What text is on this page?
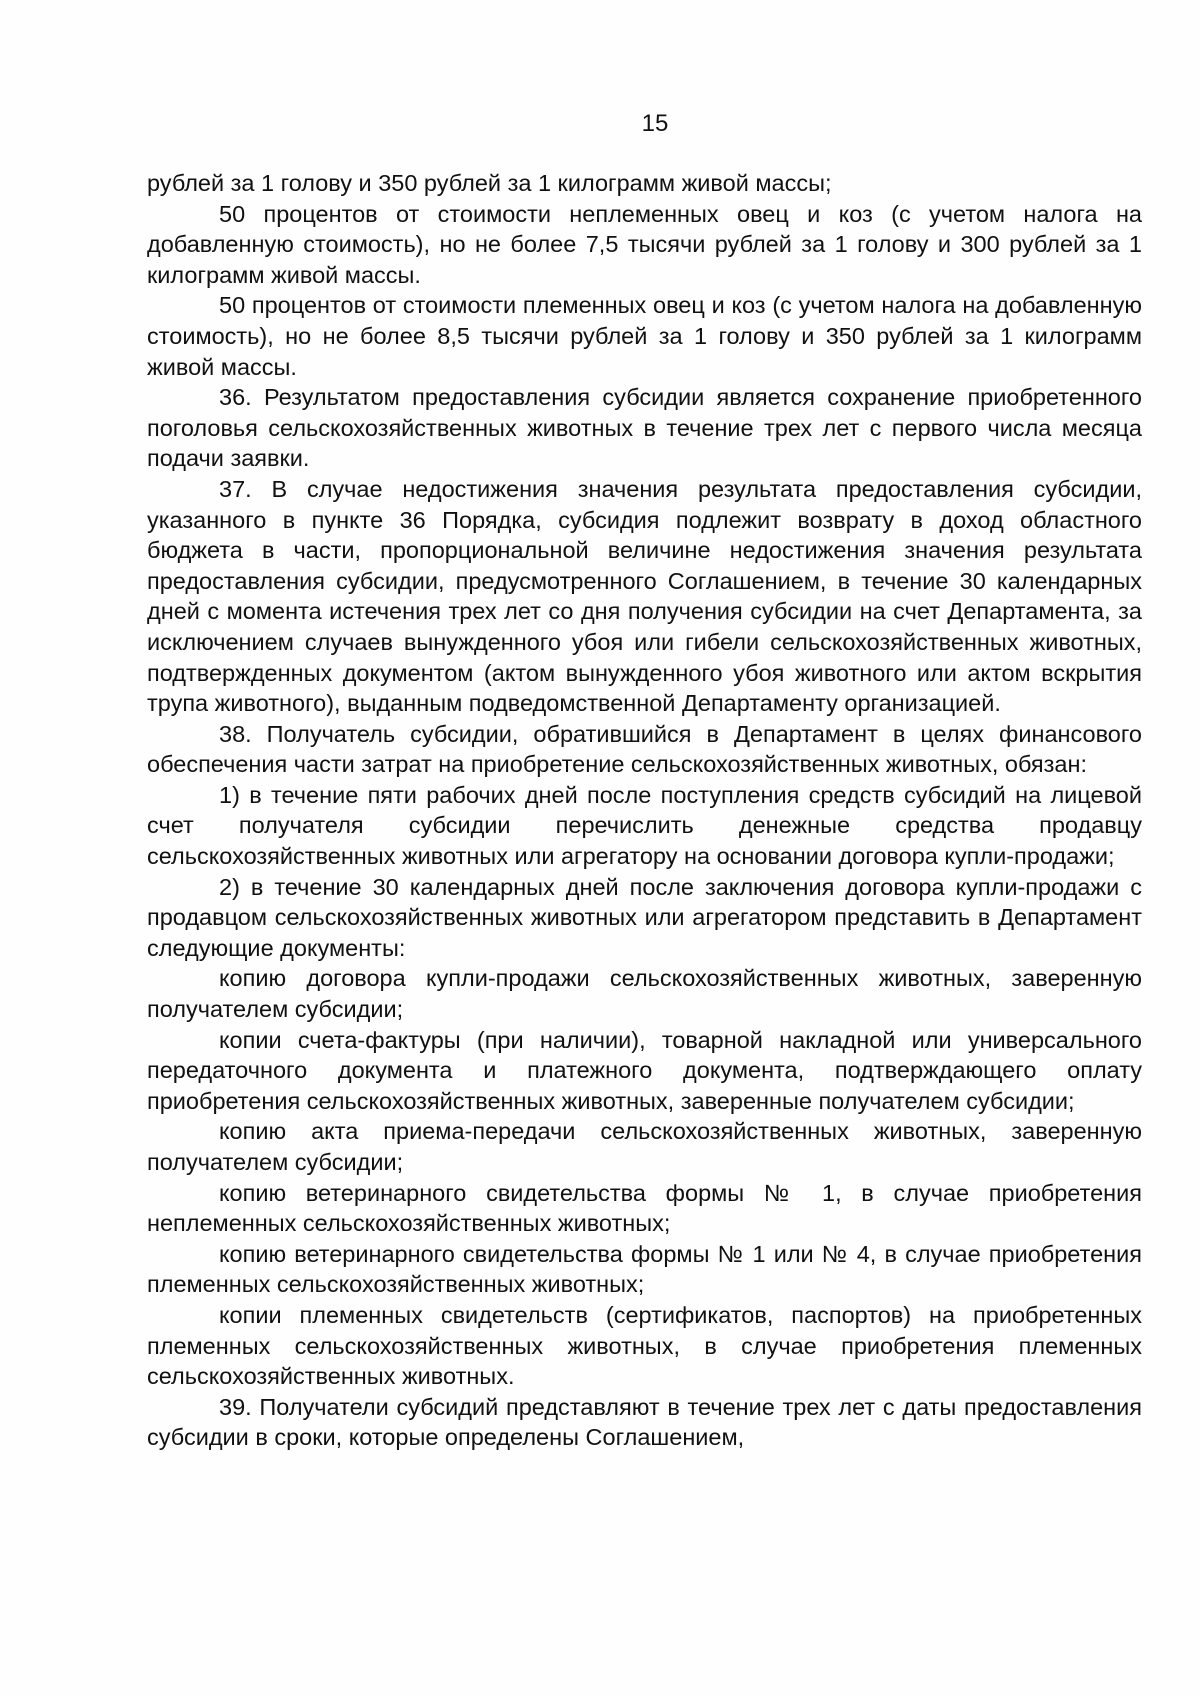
15

рублей за 1 голову и 350 рублей за 1 килограмм живой массы;

50 процентов от стоимости неплеменных овец и коз (с учетом налога на добавленную стоимость), но не более 7,5 тысячи рублей за 1 голову и 300 рублей за 1 килограмм живой массы.

50 процентов от стоимости племенных овец и коз (с учетом налога на добавленную стоимость), но не более 8,5 тысячи рублей за 1 голову и 350 рублей за 1 килограмм живой массы.

36. Результатом предоставления субсидии является сохранение приобретенного поголовья сельскохозяйственных животных в течение трех лет с первого числа месяца подачи заявки.

37. В случае недостижения значения результата предоставления субсидии, указанного в пункте 36 Порядка, субсидия подлежит возврату в доход областного бюджета в части, пропорциональной величине недостижения значения результата предоставления субсидии, предусмотренного Соглашением, в течение 30 календарных дней с момента истечения трех лет со дня получения субсидии на счет Департамента, за исключением случаев вынужденного убоя или гибели сельскохозяйственных животных, подтвержденных документом (актом вынужденного убоя животного или актом вскрытия трупа животного), выданным подведомственной Департаменту организацией.

38. Получатель субсидии, обратившийся в Департамент в целях финансового обеспечения части затрат на приобретение сельскохозяйственных животных, обязан:

1) в течение пяти рабочих дней после поступления средств субсидий на лицевой счет получателя субсидии перечислить денежные средства продавцу сельскохозяйственных животных или агрегатору на основании договора купли-продажи;

2) в течение 30 календарных дней после заключения договора купли-продажи с продавцом сельскохозяйственных животных или агрегатором представить в Департамент следующие документы:

копию договора купли-продажи сельскохозяйственных животных, заверенную получателем субсидии;

копии счета-фактуры (при наличии), товарной накладной или универсального передаточного документа и платежного документа, подтверждающего оплату приобретения сельскохозяйственных животных, заверенные получателем субсидии;

копию акта приема-передачи сельскохозяйственных животных, заверенную получателем субсидии;

копию ветеринарного свидетельства формы № 1, в случае приобретения неплеменных сельскохозяйственных животных;

копию ветеринарного свидетельства формы № 1 или № 4, в случае приобретения племенных сельскохозяйственных животных;

копии племенных свидетельств (сертификатов, паспортов) на приобретенных племенных сельскохозяйственных животных, в случае приобретения племенных сельскохозяйственных животных.

39. Получатели субсидий представляют в течение трех лет с даты предоставления субсидии в сроки, которые определены Соглашением,
